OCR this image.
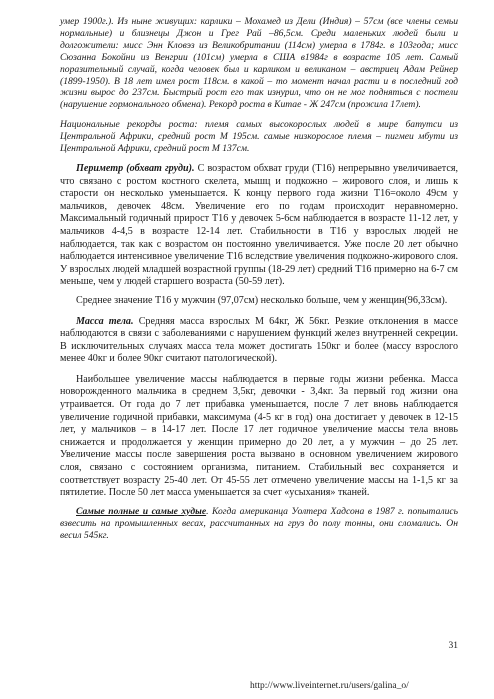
умер 1900г.). Из ныне живущих: карлики – Мохамед из Дели (Индия) – 57см (все члены семьи нормальные) и близнецы Джон и Грег Рай –86,5см. Среди маленьких людей были и долгожители: мисс Энн Кловэз из Великобритании (114см) умерла в 1784г. в 103года; мисс Сюзанна Бокойни из Венгрии (101см) умерла в США в1984г в возрасте 105 лет. Самый поразительный случай, когда человек был и карликом и великаном – австриец Адам Рейнер (1899-1950). В 18 лет имел рост 118см. в какой – то момент начал расти и в последний год жизни вырос до 237см. Быстрый рост его так изнурил, что он не мог подняться с постели (нарушение гормонального обмена). Рекорд роста в Китае - Ж 247см (прожила 17лет).

Национальные рекорды роста: племя самых высокорослых людей в мире батутси из Центральной Африки, средний рост М 195см. самые низкорослое племя – пигмеи мбути из Центральной Африки, средний рост М 137см.

Периметр (обхват груди). С возрастом обхват груди (Т16) непрерывно увеличивается, что связано с ростом костного скелета, мышц и подкожно – жирового слоя, и лишь к старости он несколько уменьшается. К концу первого года жизни Т16=около 49см у мальчиков, девочек 48см. Увеличение его по годам происходит неравномерно. Максимальный годичный прирост Т16 у девочек 5-6см наблюдается в возрасте 11-12 лет, у мальчиков 4-4,5 в возрасте 12-14 лет. Стабильности в Т16 у взрослых людей не наблюдается, так как с возрастом он постоянно увеличивается. Уже после 20 лет обычно наблюдается интенсивное увеличение Т16 вследствие увеличения подкожно-жирового слоя. У взрослых людей младшей возрастной группы (18-29 лет) средний Т16 примерно на 6-7 см меньше, чем у людей старшего возраста (50-59 лет).

Среднее значение Т16 у мужчин (97,07см) несколько больше, чем у женщин(96,33см).

Масса тела. Средняя масса взрослых М 64кг, Ж 56кг. Резкие отклонения в массе наблюдаются в связи с заболеваниями с нарушением функций желез внутренней секреции. В исключительных случаях масса тела может достигать 150кг и более (массу взрослого менее 40кг и более 90кг считают патологической).

Наибольшее увеличение массы наблюдается в первые годы жизни ребенка. Масса новорожденного мальчика в среднем 3,5кг, девочки - 3,4кг. За первый год жизни она утраивается. От года до 7 лет прибавка уменьшается, после 7 лет вновь наблюдается увеличение годичной прибавки, максимума (4-5 кг в год) она достигает у девочек в 12-15 лет, у мальчиков – в 14-17 лет. После 17 лет годичное увеличение массы тела вновь снижается и продолжается у женщин примерно до 20 лет, а у мужчин – до 25 лет. Увеличение массы после завершения роста вызвано в основном увеличением жирового слоя, связано с состоянием организма, питанием. Стабильный вес сохраняется и соответствует возрасту 25-40 лет. От 45-55 лет отмечено увеличение массы на 1-1,5 кг за пятилетие. После 50 лет масса уменьшается за счет «усыхания» тканей.

Самые полные и самые худые. Когда американца Уолтера Хадсона в 1987 г. попытались взвесить на промышленных весах, рассчитанных на груз до полу тонны, они сломались. Он весил 545кг.

31
http://www.liveinternet.ru/users/galina_o/
